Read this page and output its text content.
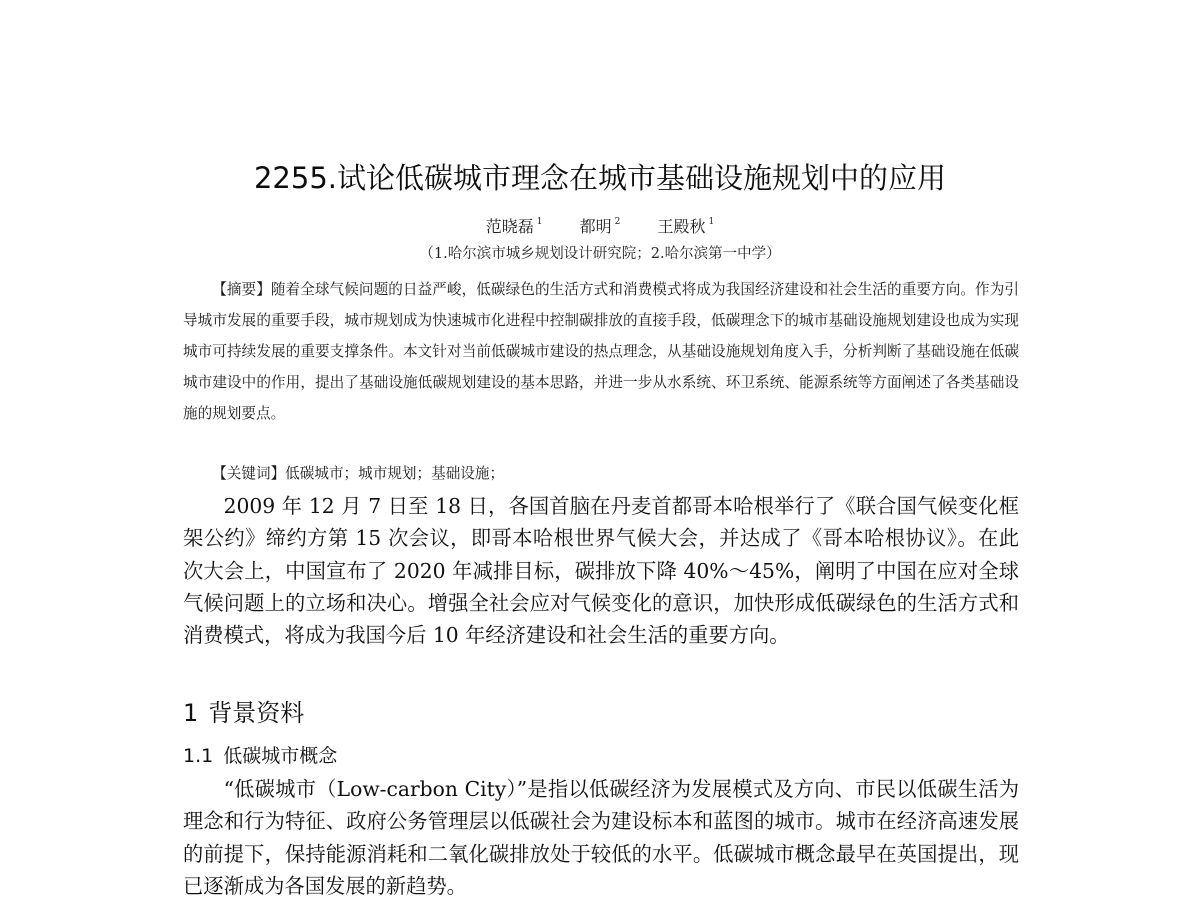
2255.试论低碳城市理念在城市基础设施规划中的应用
范晓磊 $^1$ 都明 $^2$ 王殿秋 $^1$
（1.哈尔滨市城乡规划设计研究院；2.哈尔滨第一中学）

【摘要】随着全球气候问题的日益严峻，低碳绿色的生活方式和消费模式将成为我国经济建设和社会生活的重要方向。作为引导城市发展的重要手段，城市规划成为快速城市化进程中控制碳排放的直接手段，低碳理念下的城市基础设施规划建设也成为实现城市可持续发展的重要支撑条件。本文针对当前低碳城市建设的热点理念，从基础设施规划角度入手，分析判断了基础设施在低碳城市建设中的作用，提出了基础设施低碳规划建设的基本思路，并进一步从水系统、环卫系统、能源系统等方面阐述了各类基础设施的规划要点。

【关键词】低碳城市；城市规划；基础设施；

2009 年 12 月 7 日至 18 日，各国首脑在丹麦首都哥本哈根举行了《联合国气候变化框架公约》缔约方第 15 次会议，即哥本哈根世界气候大会，并达成了《哥本哈根协议》。在此次大会上，中国宣布了 2020 年减排目标，碳排放下降 40%～45%，阐明了中国在应对全球气候问题上的立场和决心。增强全社会应对气候变化的意识，加快形成低碳绿色的生活方式和消费模式，将成为我国今后 10 年经济建设和社会生活的重要方向。

1 背景资料
1.1 低碳城市概念

“低碳城市（Low-carbon City）”是指以低碳经济为发展模式及方向、市民以低碳生活为理念和行为特征、政府公务管理层以低碳社会为建设标本和蓝图的城市。城市在经济高速发展的前提下，保持能源消耗和二氧化碳排放处于较低的水平。低碳城市概念最早在英国提出，现已逐渐成为各国发展的新趋势。
